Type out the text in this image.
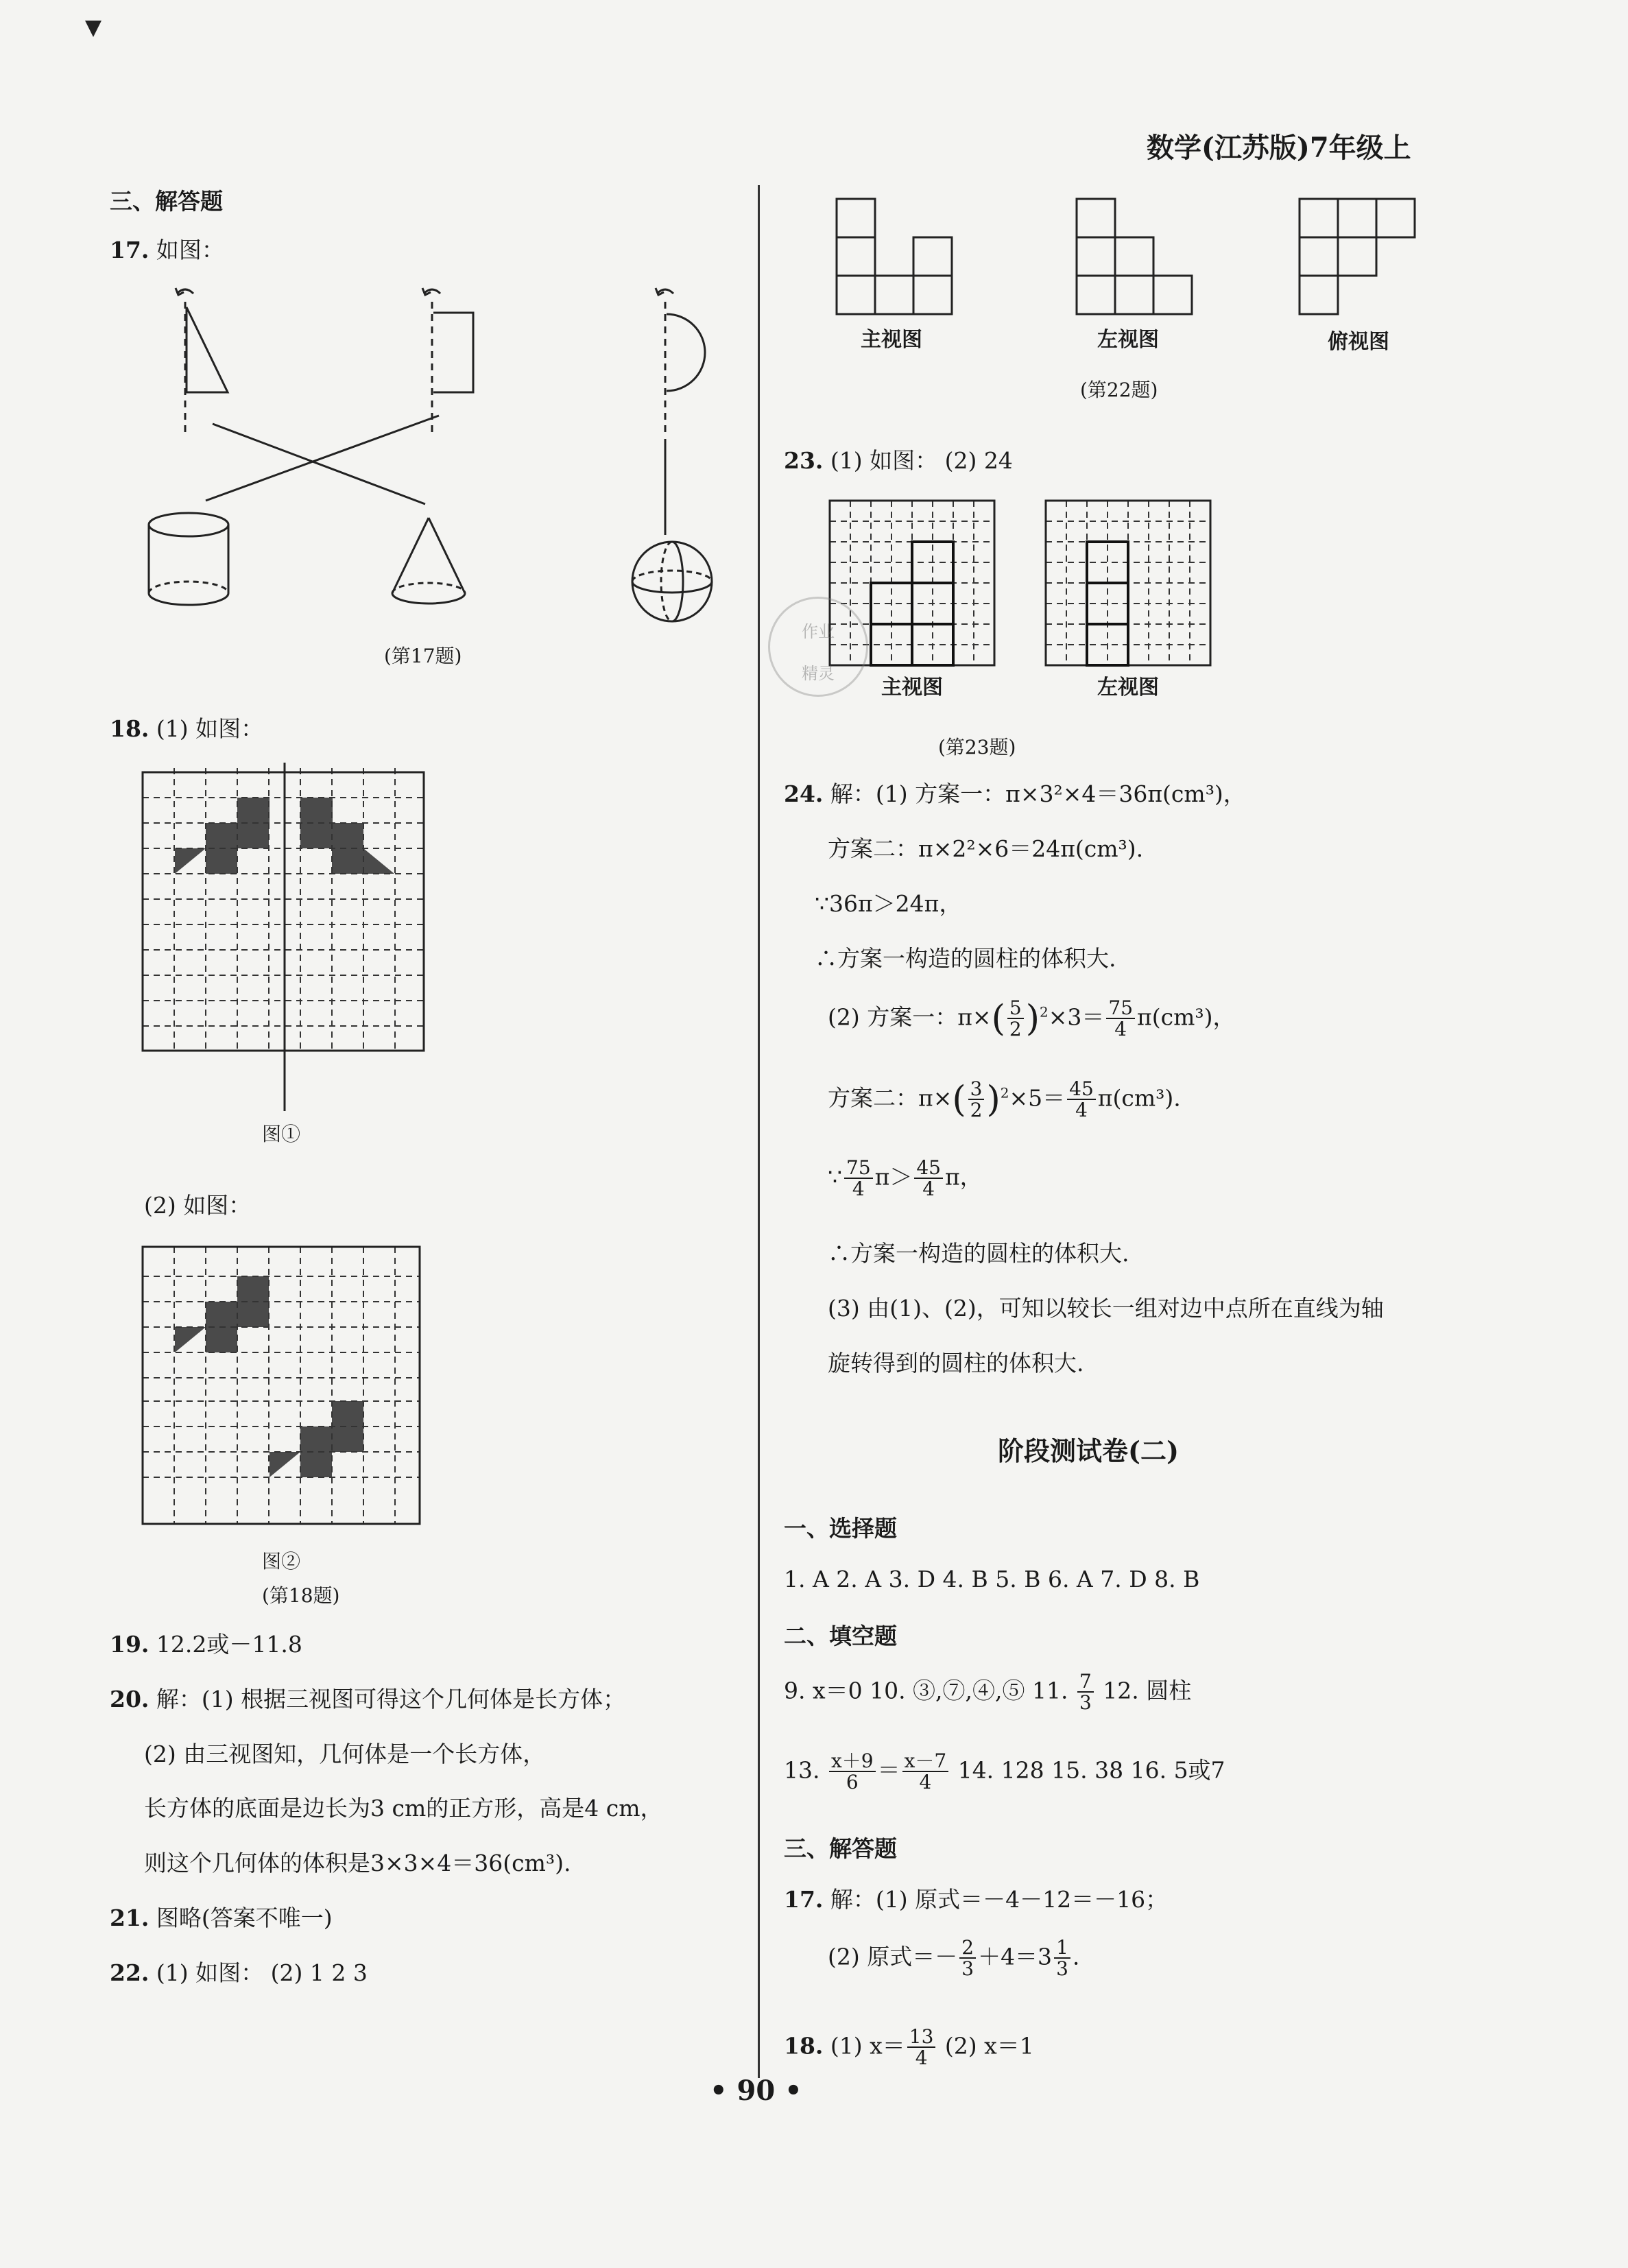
数学(江苏版)7年级上
三、解答题
17. 如图：
(第17题)
18. (1) 如图：
图①
(2) 如图：
图②
(第18题)
19. 12.2或－11.8
20. 解：(1) 根据三视图可得这个几何体是长方体；
(2) 由三视图知，几何体是一个长方体，
长方体的底面是边长为3 cm的正方形，高是4 cm，
则这个几何体的体积是3×3×4＝36(cm³).
21. 图略(答案不唯一)
22. (1) 如图： (2) 1 2 3
主视图	左视图	俯视图
(第22题)
23. (1) 如图： (2) 24
主视图	左视图
(第23题)
作业
精灵
24. 解：(1) 方案一：π×3²×4＝36π(cm³)，
方案二：π×2²×6＝24π(cm³).
∵36π＞24π，
∴方案一构造的圆柱的体积大.
(2) 方案一：$\pi\times( \frac{5}{2} )^2\times 3= \frac{75}{4} \pi(cm^3)$，
方案二：$\pi\times( \frac{3}{2} )^2\times 5= \frac{45}{4} \pi(cm^3)$.
∵ $\frac{75}{4} \pi> \frac{45}{4}$ π，
∴方案一构造的圆柱的体积大.
(3) 由(1)、(2)，可知以较长一组对边中点所在直线为轴
旋转得到的圆柱的体积大.
阶段测试卷(二)
一、选择题
1. A 2. A 3. D 4. B 5. B 6. A 7. D 8. B
二、填空题
9. x＝0 10. ③,⑦,④,⑤ 11. $\frac{7}{3} 12$. 圆柱
13. $\frac{x+9}{6} = \frac{x-7}{4} 14$. 128 15. 38 16. 5或7
三、解答题
17. 解：(1) 原式＝－4－12＝－16；
(2) 原式＝－ $\frac{2}{3} +4=3 \frac{1}{3}$ .
18. (1) $x= \frac{13}{4} (2)$ x＝1
• 90 •
